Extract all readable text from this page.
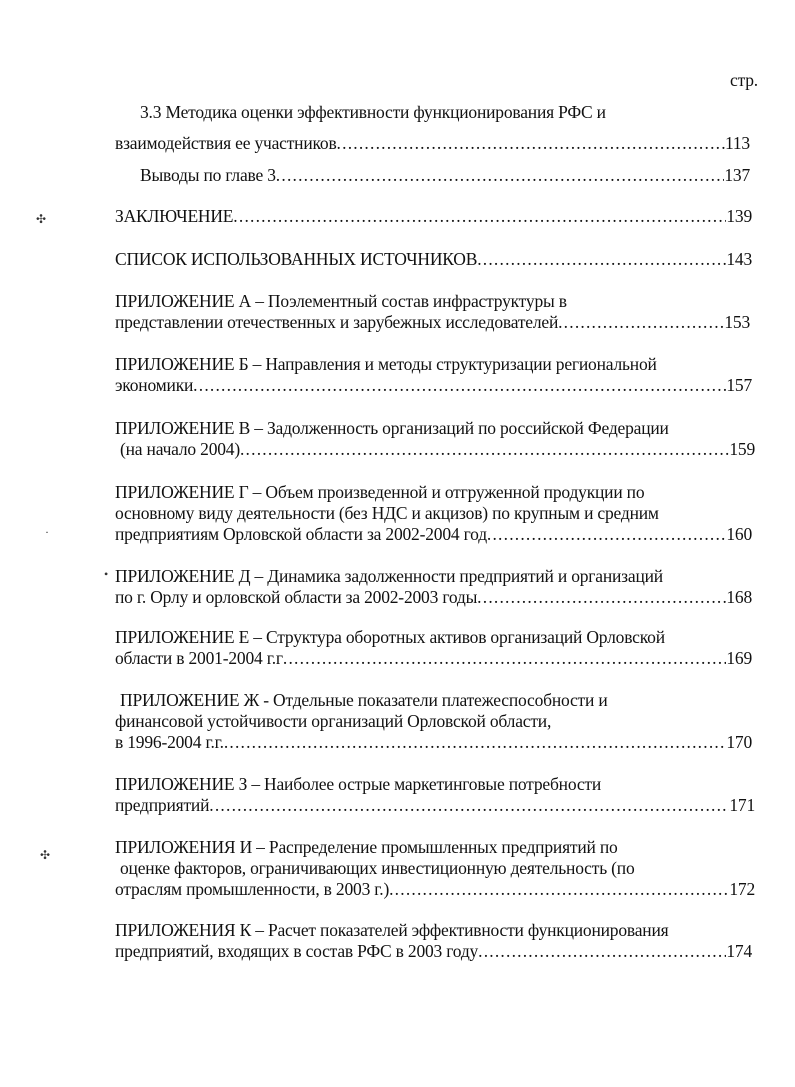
стр.
3.3 Методика оценки эффективности функционирования РФС и
взаимодействия ее участников .....	113
Выводы по главе 3 .....	137
ЗАКЛЮЧЕНИЕ .....	139
СПИСОК ИСПОЛЬЗОВАННЫХ ИСТОЧНИКОВ .....	143
ПРИЛОЖЕНИЕ А – Поэлементный состав инфраструктуры в
представлении отечественных и зарубежных исследователей .....	153
ПРИЛОЖЕНИЕ Б – Направления и методы структуризации региональной
экономики .....	157
ПРИЛОЖЕНИЕ В – Задолженность организаций по российской Федерации
(на начало 2004) .....	159
ПРИЛОЖЕНИЕ Г – Объем произведенной и отгруженной продукции по
основному виду деятельности (без НДС и акцизов) по крупным и средним
предприятиям Орловской области за 2002-2004 год .....	160
ПРИЛОЖЕНИЕ Д – Динамика задолженности предприятий и организаций
по г. Орлу и орловской области за 2002-2003 годы .....	168
ПРИЛОЖЕНИЕ Е – Структура оборотных активов организаций Орловской
области в 2001-2004 г.г .....	169
ПРИЛОЖЕНИЕ Ж - Отдельные показатели платежеспособности и
финансовой устойчивости организаций Орловской области,
в 1996-2004 г.г. .....	170
ПРИЛОЖЕНИЕ З – Наиболее острые маркетинговые потребности
предприятий .....	171
ПРИЛОЖЕНИЯ И – Распределение промышленных предприятий по
оценке факторов, ограничивающих инвестиционную деятельность (по
отраслям промышленности, в 2003 г.) .....	172
ПРИЛОЖЕНИЯ К – Расчет показателей эффективности функционирования
предприятий, входящих в состав РФС в 2003 году .....	174
✣
·
✣
•
